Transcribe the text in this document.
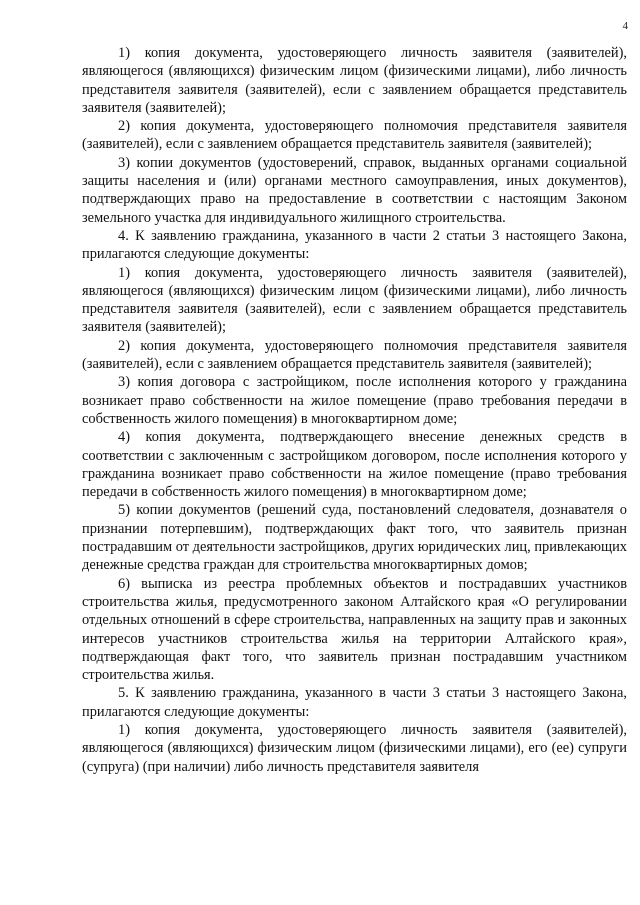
4

1) копия документа, удостоверяющего личность заявителя (заявителей), являющегося (являющихся) физическим лицом (физическими лицами), либо личность представителя заявителя (заявителей), если с заявлением обращается представитель заявителя (заявителей);

2) копия документа, удостоверяющего полномочия представителя заявителя (заявителей), если с заявлением обращается представитель заявителя (заявителей);

3) копии документов (удостоверений, справок, выданных органами социальной защиты населения и (или) органами местного самоуправления, иных документов), подтверждающих право на предоставление в соответствии с настоящим Законом земельного участка для индивидуального жилищного строительства.

4. К заявлению гражданина, указанного в части 2 статьи 3 настоящего Закона, прилагаются следующие документы:

1) копия документа, удостоверяющего личность заявителя (заявителей), являющегося (являющихся) физическим лицом (физическими лицами), либо личность представителя заявителя (заявителей), если с заявлением обращается представитель заявителя (заявителей);

2) копия документа, удостоверяющего полномочия представителя заявителя (заявителей), если с заявлением обращается представитель заявителя (заявителей);

3) копия договора с застройщиком, после исполнения которого у гражданина возникает право собственности на жилое помещение (право требования передачи в собственность жилого помещения) в многоквартирном доме;

4) копия документа, подтверждающего внесение денежных средств в соответствии с заключенным с застройщиком договором, после исполнения которого у гражданина возникает право собственности на жилое помещение (право требования передачи в собственность жилого помещения) в многоквартирном доме;

5) копии документов (решений суда, постановлений следователя, дознавателя о признании потерпевшим), подтверждающих факт того, что заявитель признан пострадавшим от деятельности застройщиков, других юридических лиц, привлекающих денежные средства граждан для строительства многоквартирных домов;

6) выписка из реестра проблемных объектов и пострадавших участников строительства жилья, предусмотренного законом Алтайского края «О регулировании отдельных отношений в сфере строительства, направленных на защиту прав и законных интересов участников строительства жилья на территории Алтайского края», подтверждающая факт того, что заявитель признан пострадавшим участником строительства жилья.

5. К заявлению гражданина, указанного в части 3 статьи 3 настоящего Закона, прилагаются следующие документы:

1) копия документа, удостоверяющего личность заявителя (заявителей), являющегося (являющихся) физическим лицом (физическими лицами), его (ее) супруги (супруга) (при наличии) либо личность представителя заявителя
